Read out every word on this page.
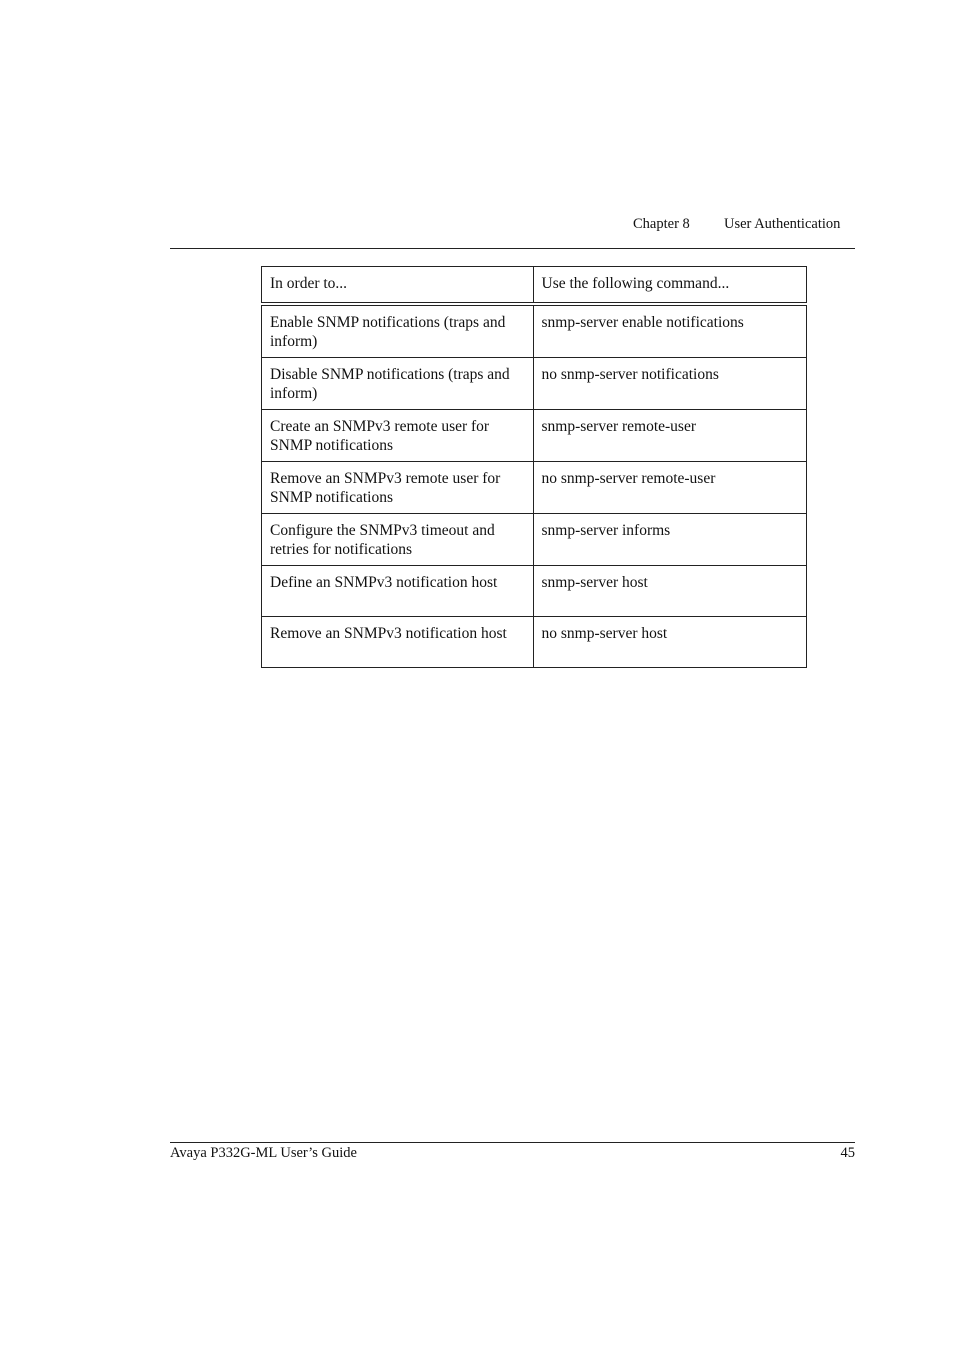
Chapter 8 User Authentication
In order to...	Use the following command...
Enable SNMP notifications (traps and inform)	snmp-server enable notifications
Disable SNMP notifications (traps and inform)	no snmp-server notifications
Create an SNMPv3 remote user for SNMP notifications	snmp-server remote-user
Remove an SNMPv3 remote user for SNMP notifications	no snmp-server remote-user
Configure the SNMPv3 timeout and retries for notifications	snmp-server informs
Define an SNMPv3 notification host	snmp-server host
Remove an SNMPv3 notification host	no snmp-server host
Avaya P332G-ML User’s Guide	45
